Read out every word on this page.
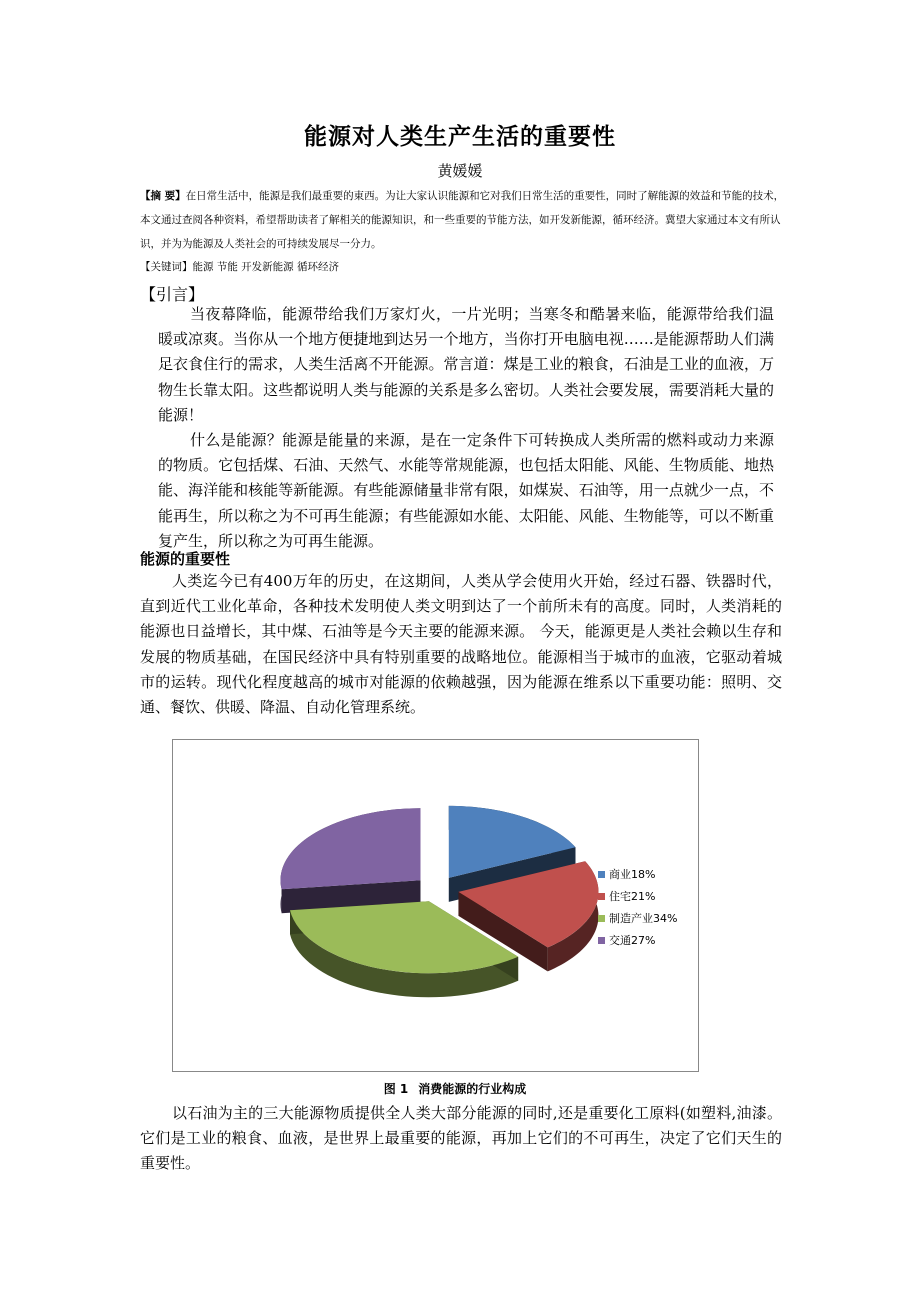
能源对人类生产生活的重要性
黄媛媛
【摘 要】在日常生活中，能源是我们最重要的東西。为让大家认识能源和它对我们日常生活的重要性，同时了解能源的效益和节能的技术，本文通过查阅各种资料，希望帮助读者了解相关的能源知识，和一些重要的节能方法，如开发新能源，循环经济。冀望大家通过本文有所认识，并为为能源及人类社会的可持续发展尽一分力。
【关键词】能源 节能 开发新能源 循环经济
【引言】
当夜幕降临，能源带给我们万家灯火，一片光明；当寒冬和酷暑来临，能源带给我们温暖或凉爽。当你从一个地方便捷地到达另一个地方，当你打开电脑电视……是能源帮助人们满足衣食住行的需求，人类生活离不开能源。常言道：煤是工业的粮食，石油是工业的血液，万物生长靠太阳。这些都说明人类与能源的关系是多么密切。人类社会要发展，需要消耗大量的能源！
什么是能源？能源是能量的来源，是在一定条件下可转换成人类所需的燃料或动力来源的物质。它包括煤、石油、天然气、水能等常规能源，也包括太阳能、风能、生物质能、地热能、海洋能和核能等新能源。有些能源储量非常有限，如煤炭、石油等，用一点就少一点，不能再生，所以称之为不可再生能源；有些能源如水能、太阳能、风能、生物能等，可以不断重复产生，所以称之为可再生能源。
能源的重要性
人类迄今已有400万年的历史，在这期间，人类从学会使用火开始，经过石器、铁器时代，直到近代工业化革命，各种技术发明使人类文明到达了一个前所未有的高度。同时，人类消耗的能源也日益增长，其中煤、石油等是今天主要的能源来源。 今天，能源更是人类社会赖以生存和发展的物质基础，在国民经济中具有特别重要的战略地位。能源相当于城市的血液，它驱动着城市的运转。现代化程度越高的城市对能源的依赖越强，因为能源在维系以下重要功能：照明、交通、餐饮、供暖、降温、自动化管理系统。
商业18%
住宅21%
制造产业34%
交通27%
图 1 消费能源的行业构成
以石油为主的三大能源物质提供全人类大部分能源的同时,还是重要化工原料(如塑料,油漆。它们是工业的粮食、血液，是世界上最重要的能源，再加上它们的不可再生，决定了它们天生的重要性。
